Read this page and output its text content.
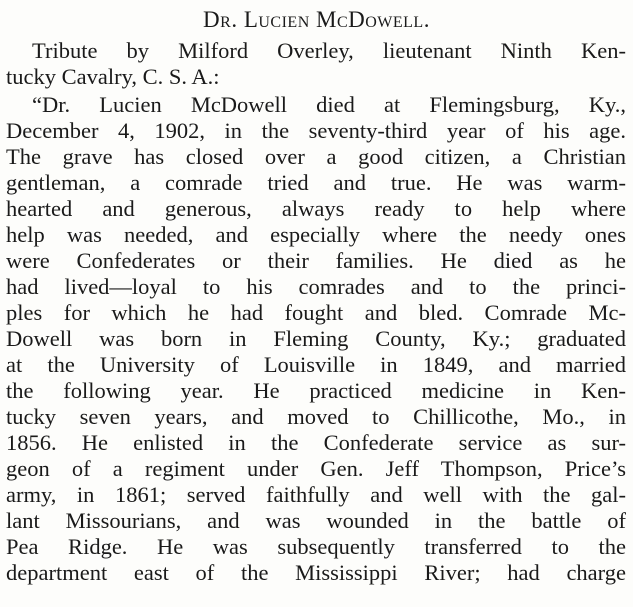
Dr. Lucien McDowell.
Tribute by Milford Overley, lieutenant Ninth Ken-
tucky Cavalry, C. S. A.:
“Dr. Lucien McDowell died at Flemingsburg, Ky.,
December 4, 1902, in the seventy-third year of his age.
The grave has closed over a good citizen, a Christian
gentleman, a comrade tried and true. He was warm-
hearted and generous, always ready to help where
help was needed, and especially where the needy ones
were Confederates or their families. He died as he
had lived—loyal to his comrades and to the princi-
ples for which he had fought and bled. Comrade Mc-
Dowell was born in Fleming County, Ky.; graduated
at the University of Louisville in 1849, and married
the following year. He practiced medicine in Ken-
tucky seven years, and moved to Chillicothe, Mo., in
1856. He enlisted in the Confederate service as sur-
geon of a regiment under Gen. Jeff Thompson, Price’s
army, in 1861; served faithfully and well with the gal-
lant Missourians, and was wounded in the battle of
Pea Ridge. He was subsequently transferred to the
department east of the Mississippi River; had charge
